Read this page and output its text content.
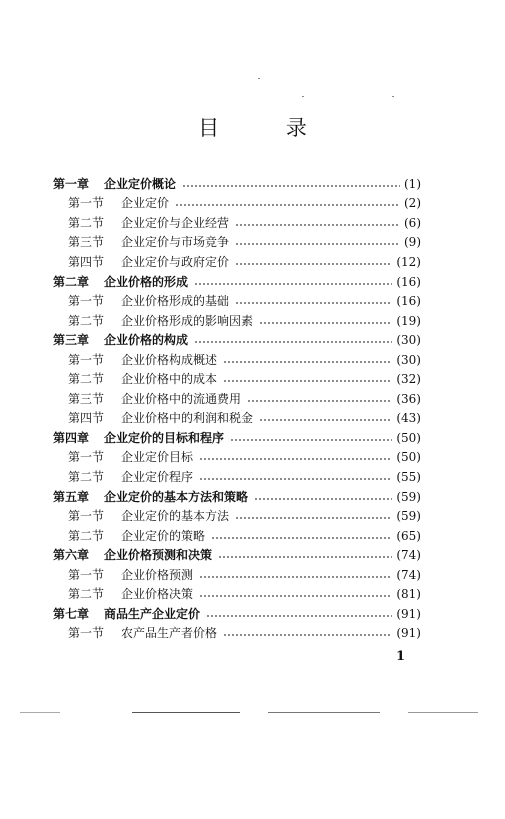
目 录
第一章	企业定价概论	(1)
第一节	企业定价	(2)
第二节	企业定价与企业经营	(6)
第三节	企业定价与市场竞争	(9)
第四节	企业定价与政府定价	(12)
第二章	企业价格的形成	(16)
第一节	企业价格形成的基础	(16)
第二节	企业价格形成的影响因素	(19)
第三章	企业价格的构成	(30)
第一节	企业价格构成概述	(30)
第二节	企业价格中的成本	(32)
第三节	企业价格中的流通费用	(36)
第四节	企业价格中的利润和税金	(43)
第四章	企业定价的目标和程序	(50)
第一节	企业定价目标	(50)
第二节	企业定价程序	(55)
第五章	企业定价的基本方法和策略	(59)
第一节	企业定价的基本方法	(59)
第二节	企业定价的策略	(65)
第六章	企业价格预测和决策	(74)
第一节	企业价格预测	(74)
第二节	企业价格决策	(81)
第七章	商品生产企业定价	(91)
第一节	农产品生产者价格	(91)
1
